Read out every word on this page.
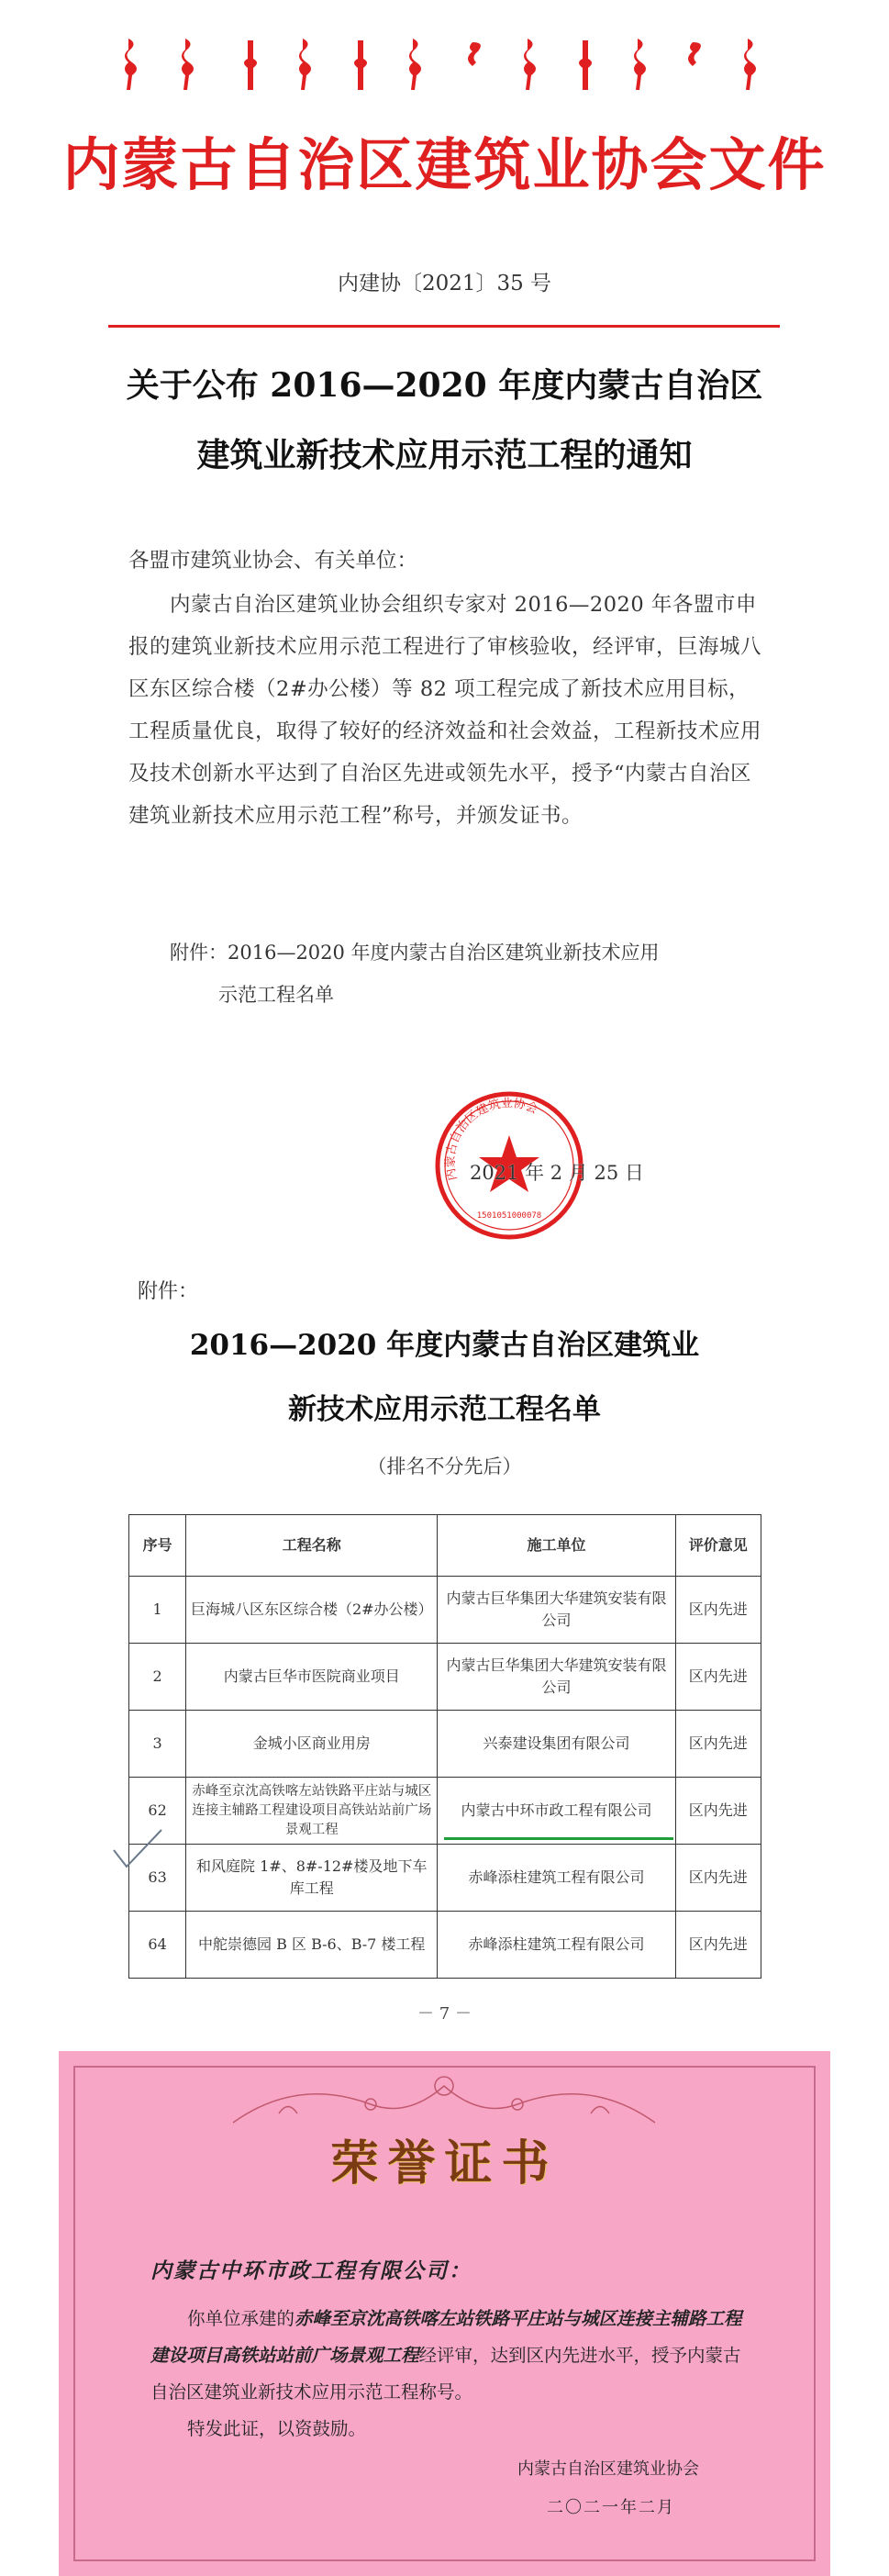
内蒙古自治区建筑业协会文件
内建协〔2021〕35 号
关于公布 2016—2020 年度内蒙古自治区
建筑业新技术应用示范工程的通知
各盟市建筑业协会、有关单位：
内蒙古自治区建筑业协会组织专家对 2016—2020 年各盟市申报的建筑业新技术应用示范工程进行了审核验收，经评审，巨海城八区东区综合楼（2#办公楼）等 82 项工程完成了新技术应用目标，工程质量优良，取得了较好的经济效益和社会效益，工程新技术应用及技术创新水平达到了自治区先进或领先水平，授予“内蒙古自治区建筑业新技术应用示范工程”称号，并颁发证书。
附件：2016—2020 年度内蒙古自治区建筑业新技术应用
示范工程名单
内蒙古自治区建筑业协会
1501051000078
2021 年 2 月 25 日
附件：
2016—2020 年度内蒙古自治区建筑业
新技术应用示范工程名单
（排名不分先后）
序号	工程名称	施工单位	评价意见
1	巨海城八区东区综合楼（2#办公楼）	内蒙古巨华集团大华建筑安装有限公司	区内先进
2	内蒙古巨华市医院商业项目	内蒙古巨华集团大华建筑安装有限公司	区内先进
3	金城小区商业用房	兴泰建设集团有限公司	区内先进
62	赤峰至京沈高铁喀左站铁路平庄站与城区连接主辅路工程建设项目高铁站站前广场景观工程	内蒙古中环市政工程有限公司	区内先进
63	和风庭院 1#、8#-12#楼及地下车库工程	赤峰添柱建筑工程有限公司	区内先进
64	中舵崇德园 B 区 B-6、B-7 楼工程	赤峰添柱建筑工程有限公司	区内先进
－ 7 －
荣誉证书
内蒙古中环市政工程有限公司：
你单位承建的赤峰至京沈高铁喀左站铁路平庄站与城区连接主辅路工程建设项目高铁站站前广场景观工程经评审，达到区内先进水平，授予内蒙古自治区建筑业新技术应用示范工程称号。
特发此证，以资鼓励。
内蒙古自治区建筑业协会
二〇二一年二月
